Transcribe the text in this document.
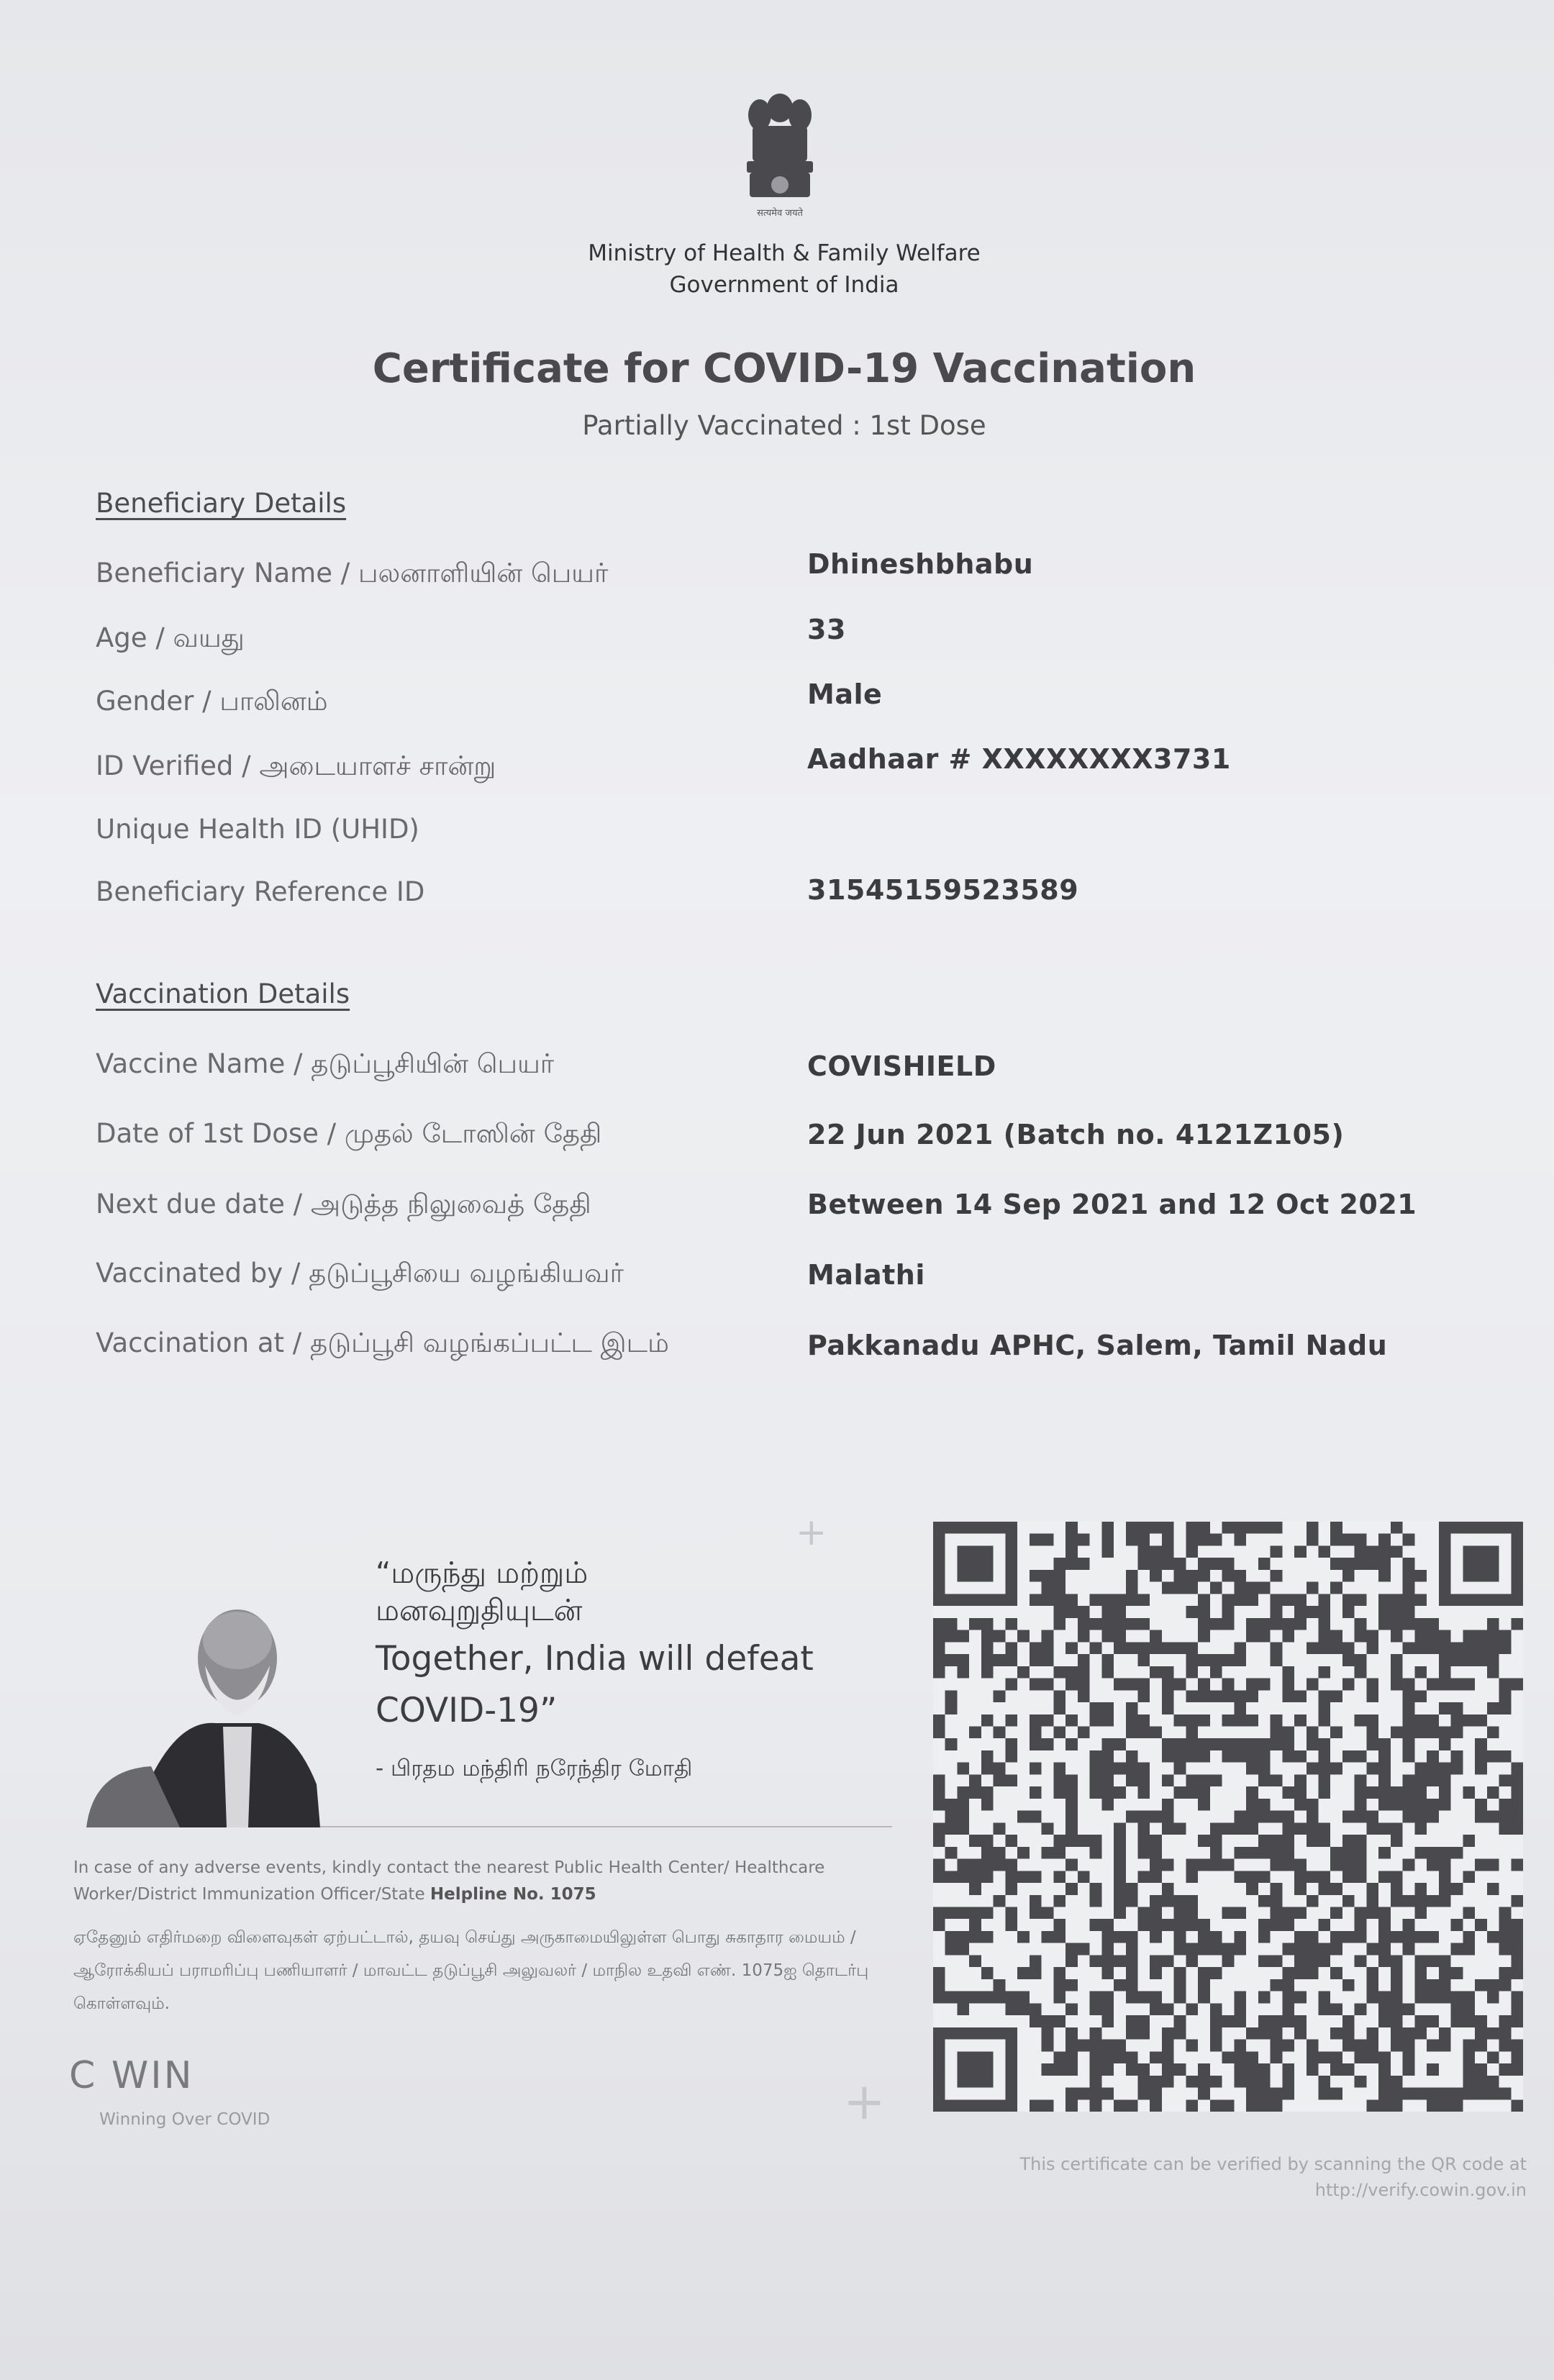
सत्यमेव जयते
Ministry of Health & Family Welfare
Government of India
Certificate for COVID-19 Vaccination
Partially Vaccinated : 1st Dose
Beneficiary Details
Beneficiary Name / பலனாளியின் பெயர்	Dhineshbhabu
Age / வயது	33
Gender / பாலினம்	Male
ID Verified / அடையாளச் சான்று	Aadhaar # XXXXXXXX3731
Unique Health ID (UHID)
Beneficiary Reference ID	31545159523589
Vaccination Details
Vaccine Name / தடுப்பூசியின் பெயர்	COVISHIELD
Date of 1st Dose / முதல் டோஸின் தேதி	22 Jun 2021 (Batch no. 4121Z105)
Next due date / அடுத்த நிலுவைத் தேதி	Between 14 Sep 2021 and 12 Oct 2021
Vaccinated by / தடுப்பூசியை வழங்கியவர்	Malathi
Vaccination at / தடுப்பூசி வழங்கப்பட்ட இடம்	Pakkanadu APHC, Salem, Tamil Nadu
+
+
“மருந்து மற்றும்
மனவுறுதியுடன்
Together, India will defeat
COVID-19”
- பிரதம மந்திரி நரேந்திர மோதி
In case of any adverse events, kindly contact the nearest Public Health Center/ Healthcare Worker/District Immunization Officer/State Helpline No. 1075
ஏதேனும் எதிர்மறை விளைவுகள் ஏற்பட்டால், தயவு செய்து அருகாமையிலுள்ள பொது சுகாதார மையம் / ஆரோக்கியப் பராமரிப்பு பணியாளர் / மாவட்ட தடுப்பூசி அலுவலர் / மாநில உதவி எண். 1075ஐ தொடர்பு கொள்ளவும்.
C WIN
Winning Over COVID
This certificate can be verified by scanning the QR code at
http://verify.cowin.gov.in
